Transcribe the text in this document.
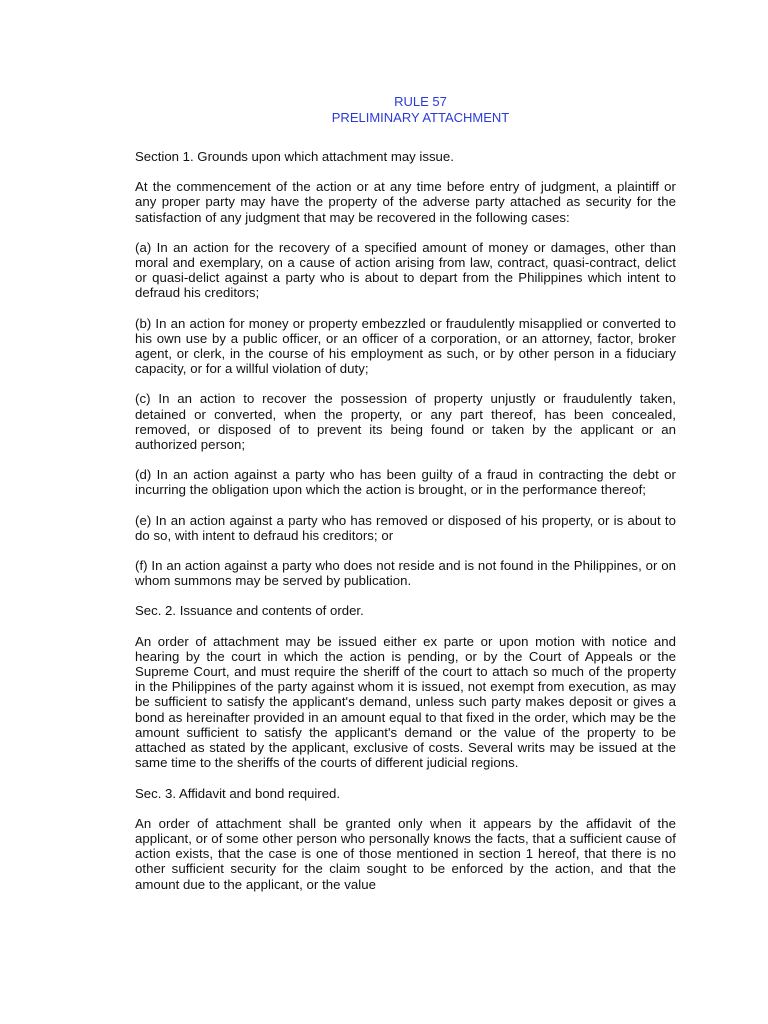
RULE 57
PRELIMINARY ATTACHMENT

Section 1. Grounds upon which attachment may issue.

At the commencement of the action or at any time before entry of judgment, a plaintiff or any proper party may have the property of the adverse party attached as security for the satisfaction of any judgment that may be recovered in the following cases:

(a) In an action for the recovery of a specified amount of money or damages, other than moral and exemplary, on a cause of action arising from law, contract, quasi-contract, delict or quasi-delict against a party who is about to depart from the Philippines which intent to defraud his creditors;

(b) In an action for money or property embezzled or fraudulently misapplied or converted to his own use by a public officer, or an officer of a corporation, or an attorney, factor, broker agent, or clerk, in the course of his employment as such, or by other person in a fiduciary capacity, or for a willful violation of duty;

(c) In an action to recover the possession of property unjustly or fraudulently taken, detained or converted, when the property, or any part thereof, has been concealed, removed, or disposed of to prevent its being found or taken by the applicant or an authorized person;

(d) In an action against a party who has been guilty of a fraud in contracting the debt or incurring the obligation upon which the action is brought, or in the performance thereof;

(e) In an action against a party who has removed or disposed of his property, or is about to do so, with intent to defraud his creditors; or

(f) In an action against a party who does not reside and is not found in the Philippines, or on whom summons may be served by publication.

Sec. 2. Issuance and contents of order.

An order of attachment may be issued either ex parte or upon motion with notice and hearing by the court in which the action is pending, or by the Court of Appeals or the Supreme Court, and must require the sheriff of the court to attach so much of the property in the Philippines of the party against whom it is issued, not exempt from execution, as may be sufficient to satisfy the applicant's demand, unless such party makes deposit or gives a bond as hereinafter provided in an amount equal to that fixed in the order, which may be the amount sufficient to satisfy the applicant's demand or the value of the property to be attached as stated by the applicant, exclusive of costs. Several writs may be issued at the same time to the sheriffs of the courts of different judicial regions.

Sec. 3. Affidavit and bond required.

An order of attachment shall be granted only when it appears by the affidavit of the applicant, or of some other person who personally knows the facts, that a sufficient cause of action exists, that the case is one of those mentioned in section 1 hereof, that there is no other sufficient security for the claim sought to be enforced by the action, and that the amount due to the applicant, or the value
